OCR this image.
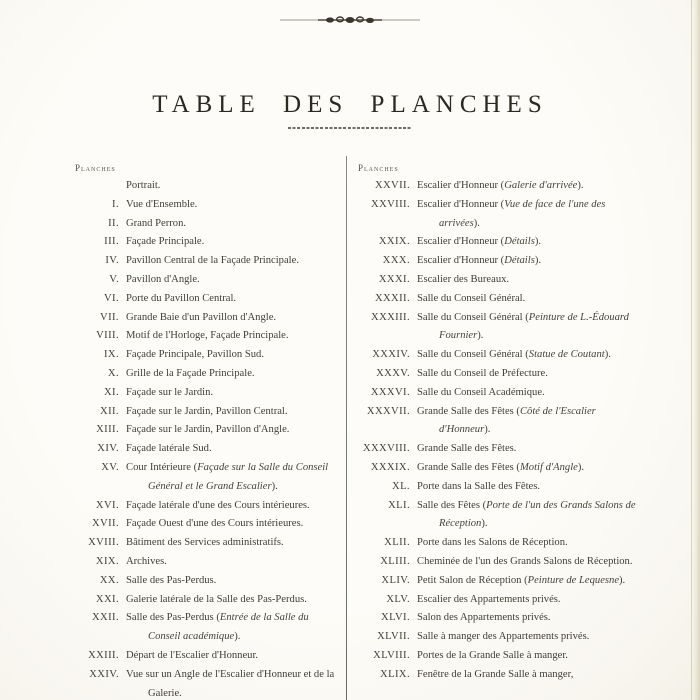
TABLE DES PLANCHES
Planches
Portrait.
I. Vue d'Ensemble.
II. Grand Perron.
III. Façade Principale.
IV. Pavillon Central de la Façade Principale.
V. Pavillon d'Angle.
VI. Porte du Pavillon Central.
VII. Grande Baie d'un Pavillon d'Angle.
VIII. Motif de l'Horloge, Façade Principale.
IX. Façade Principale, Pavillon Sud.
X. Grille de la Façade Principale.
XI. Façade sur le Jardin.
XII. Façade sur le Jardin, Pavillon Central.
XIII. Façade sur le Jardin, Pavillon d'Angle.
XIV. Façade latérale Sud.
XV. Cour Intérieure (Façade sur la Salle du Conseil Général et le Grand Escalier).
XVI. Façade latérale d'une des Cours intérieures.
XVII. Façade Ouest d'une des Cours intérieures.
XVIII. Bâtiment des Services administratifs.
XIX. Archives.
XX. Salle des Pas-Perdus.
XXI. Galerie latérale de la Salle des Pas-Perdus.
XXII. Salle des Pas-Perdus (Entrée de la Salle du Conseil académique).
XXIII. Départ de l'Escalier d'Honneur.
XXIV. Vue sur un Angle de l'Escalier d'Honneur et de la Galerie.
Planches
XXVII. Escalier d'Honneur (Galerie d'arrivée).
XXVIII. Escalier d'Honneur (Vue de face de l'une des arrivées).
XXIX. Escalier d'Honneur (Détails).
XXX. Escalier d'Honneur (Détails).
XXXI. Escalier des Bureaux.
XXXII. Salle du Conseil Général.
XXXIII. Salle du Conseil Général (Peinture de L.-Édouard Fournier).
XXXIV. Salle du Conseil Général (Statue de Coutant).
XXXV. Salle du Conseil de Préfecture.
XXXVI. Salle du Conseil Académique.
XXXVII. Grande Salle des Fêtes (Côté de l'Escalier d'Honneur).
XXXVIII. Grande Salle des Fêtes.
XXXIX. Grande Salle des Fêtes (Motif d'Angle).
XL. Porte dans la Salle des Fêtes.
XLI. Salle des Fêtes (Porte de l'un des Grands Salons de Réception).
XLII. Porte dans les Salons de Réception.
XLIII. Cheminée de l'un des Grands Salons de Réception.
XLIV. Petit Salon de Réception (Peinture de Lequesne).
XLV. Escalier des Appartements privés.
XLVI. Salon des Appartements privés.
XLVII. Salle à manger des Appartements privés.
XLVIII. Portes de la Grande Salle à manger.
XLIX. Fenêtre de la Grande Salle à manger,
